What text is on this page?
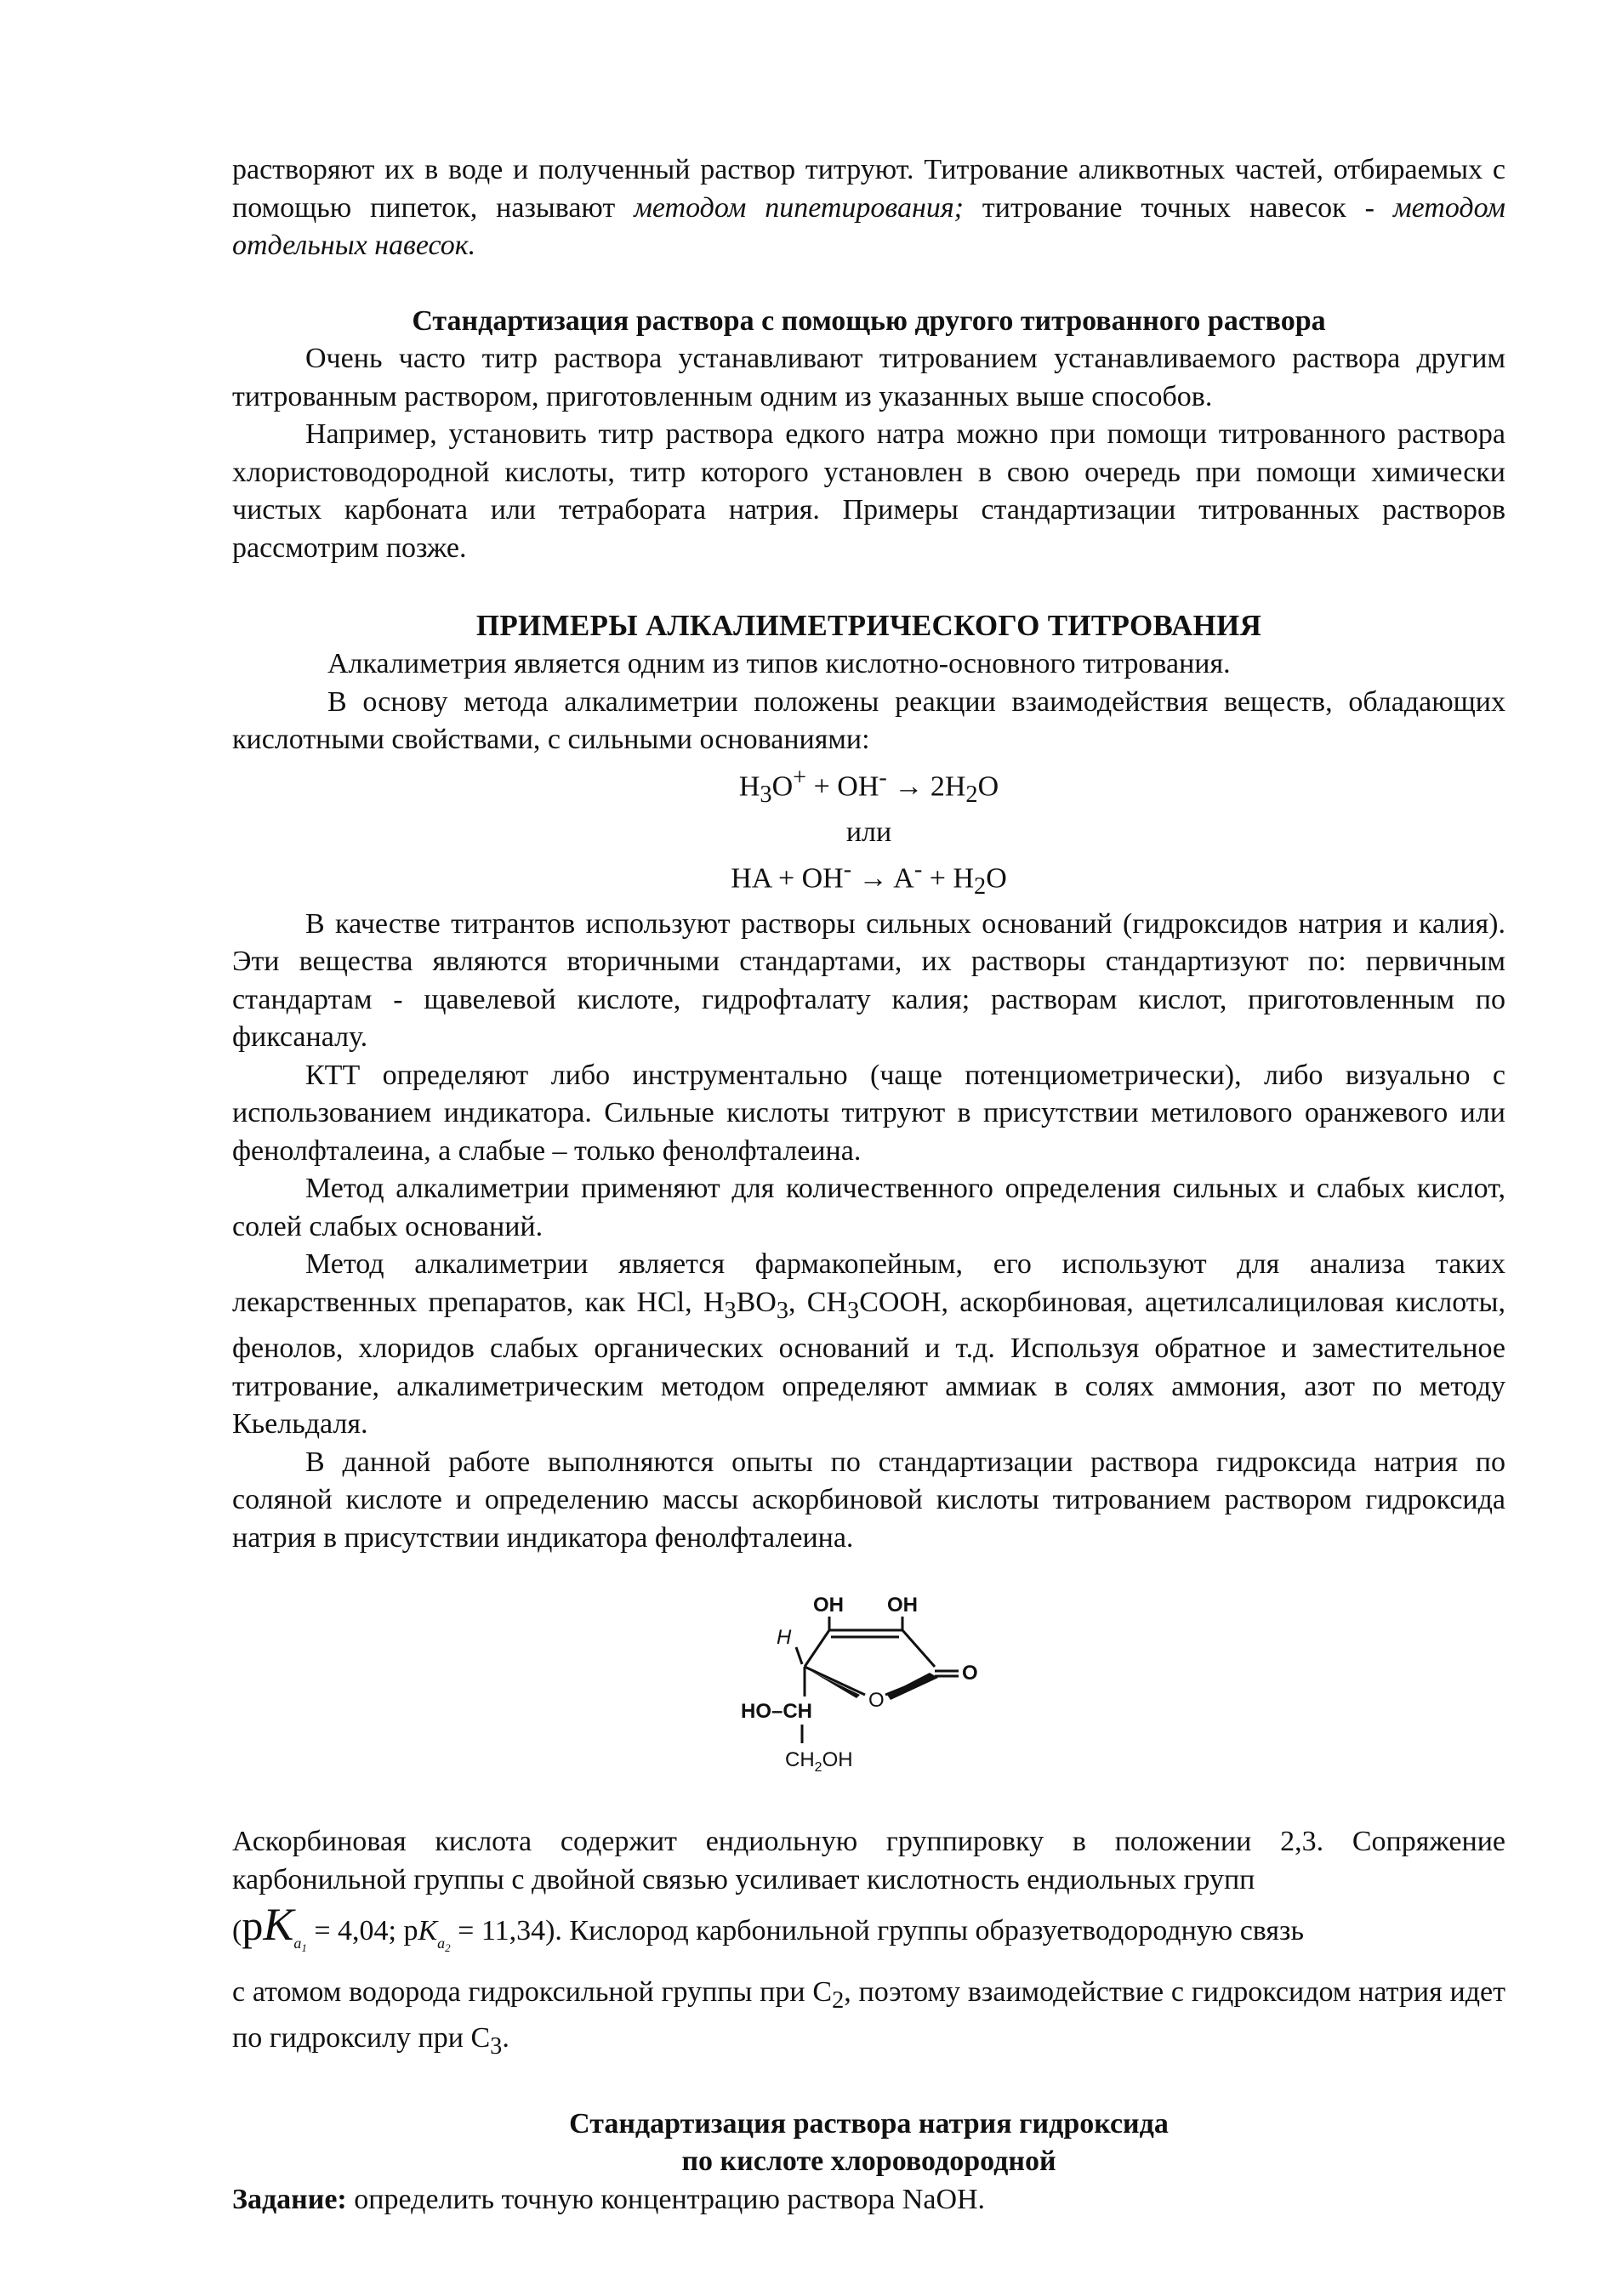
растворяют их в воде и полученный раствор титруют. Титрование аликвотных частей, отбираемых с помощью пипеток, называют методом пипетирования; титрование точных навесок - методом отдельных навесок.

Стандартизация раствора с помощью другого титрованного раствора

Очень часто титр раствора устанавливают титрованием устанавливаемого раствора другим титрованным раствором, приготовленным одним из указанных выше способов.

Например, установить титр раствора едкого натра можно при помощи титрованного раствора хлористоводородной кислоты, титр которого установлен в свою очередь при помощи химически чистых карбоната или тетрабората натрия. Примеры стандартизации титрованных растворов рассмотрим позже.

ПРИМЕРЫ АЛКАЛИМЕТРИЧЕСКОГО ТИТРОВАНИЯ

Алкалиметрия является одним из типов кислотно-основного титрования.

В основу метода алкалиметрии положены реакции взаимодействия веществ, обладающих кислотными свойствами, с сильными основаниями:

$H_3O^+ + OH^- \to 2H_2O$
или
HA + $OH^- \to A^- + H_2O$

В качестве титрантов используют растворы сильных оснований (гидроксидов натрия и калия). Эти вещества являются вторичными стандартами, их растворы стандартизуют по: первичным стандартам - щавелевой кислоте, гидрофталату калия; растворам кислот, приготовленным по фиксаналу.

КТТ определяют либо инструментально (чаще потенциометрически), либо визуально с использованием индикатора. Сильные кислоты титруют в присутствии метилового оранжевого или фенолфталеина, а слабые – только фенолфталеина.

Метод алкалиметрии применяют для количественного определения сильных и слабых кислот, солей слабых оснований.

Метод алкалиметрии является фармакопейным, его используют для анализа таких лекарственных препаратов, как HCl, $H_3BO_3$, $CH_3COOH$, аскорбиновая, ацетилсалициловая кислоты, фенолов, хлоридов слабых органических оснований и т.д. Используя обратное и заместительное титрование, алкалиметрическим методом определяют аммиак в солях аммония, азот по методу Кьельдаля.

В данной работе выполняются опыты по стандартизации раствора гидроксида натрия по соляной кислоте и определению массы аскорбиновой кислоты титрованием раствором гидроксида натрия в присутствии индикатора фенолфталеина.

OH OH
H
O
O
HO–CH
$CH_2OH$

Аскорбиновая кислота содержит ендиольную группировку в положении 2,3. Сопряжение карбонильной группы с двойной связью усиливает кислотность ендиольных групп

($pK_{a_1} = 4,04$; $pK_{a_2} = 11,34$). Кислород карбонильной группы образуетводородную связь

с атомом водорода гидроксильной группы при $C_2$, поэтому взаимодействие с гидроксидом натрия идет по гидроксилу при $C_3$.

Стандартизация раствора натрия гидроксида
по кислоте хлороводородной

Задание: определить точную концентрацию раствора NaOH.
